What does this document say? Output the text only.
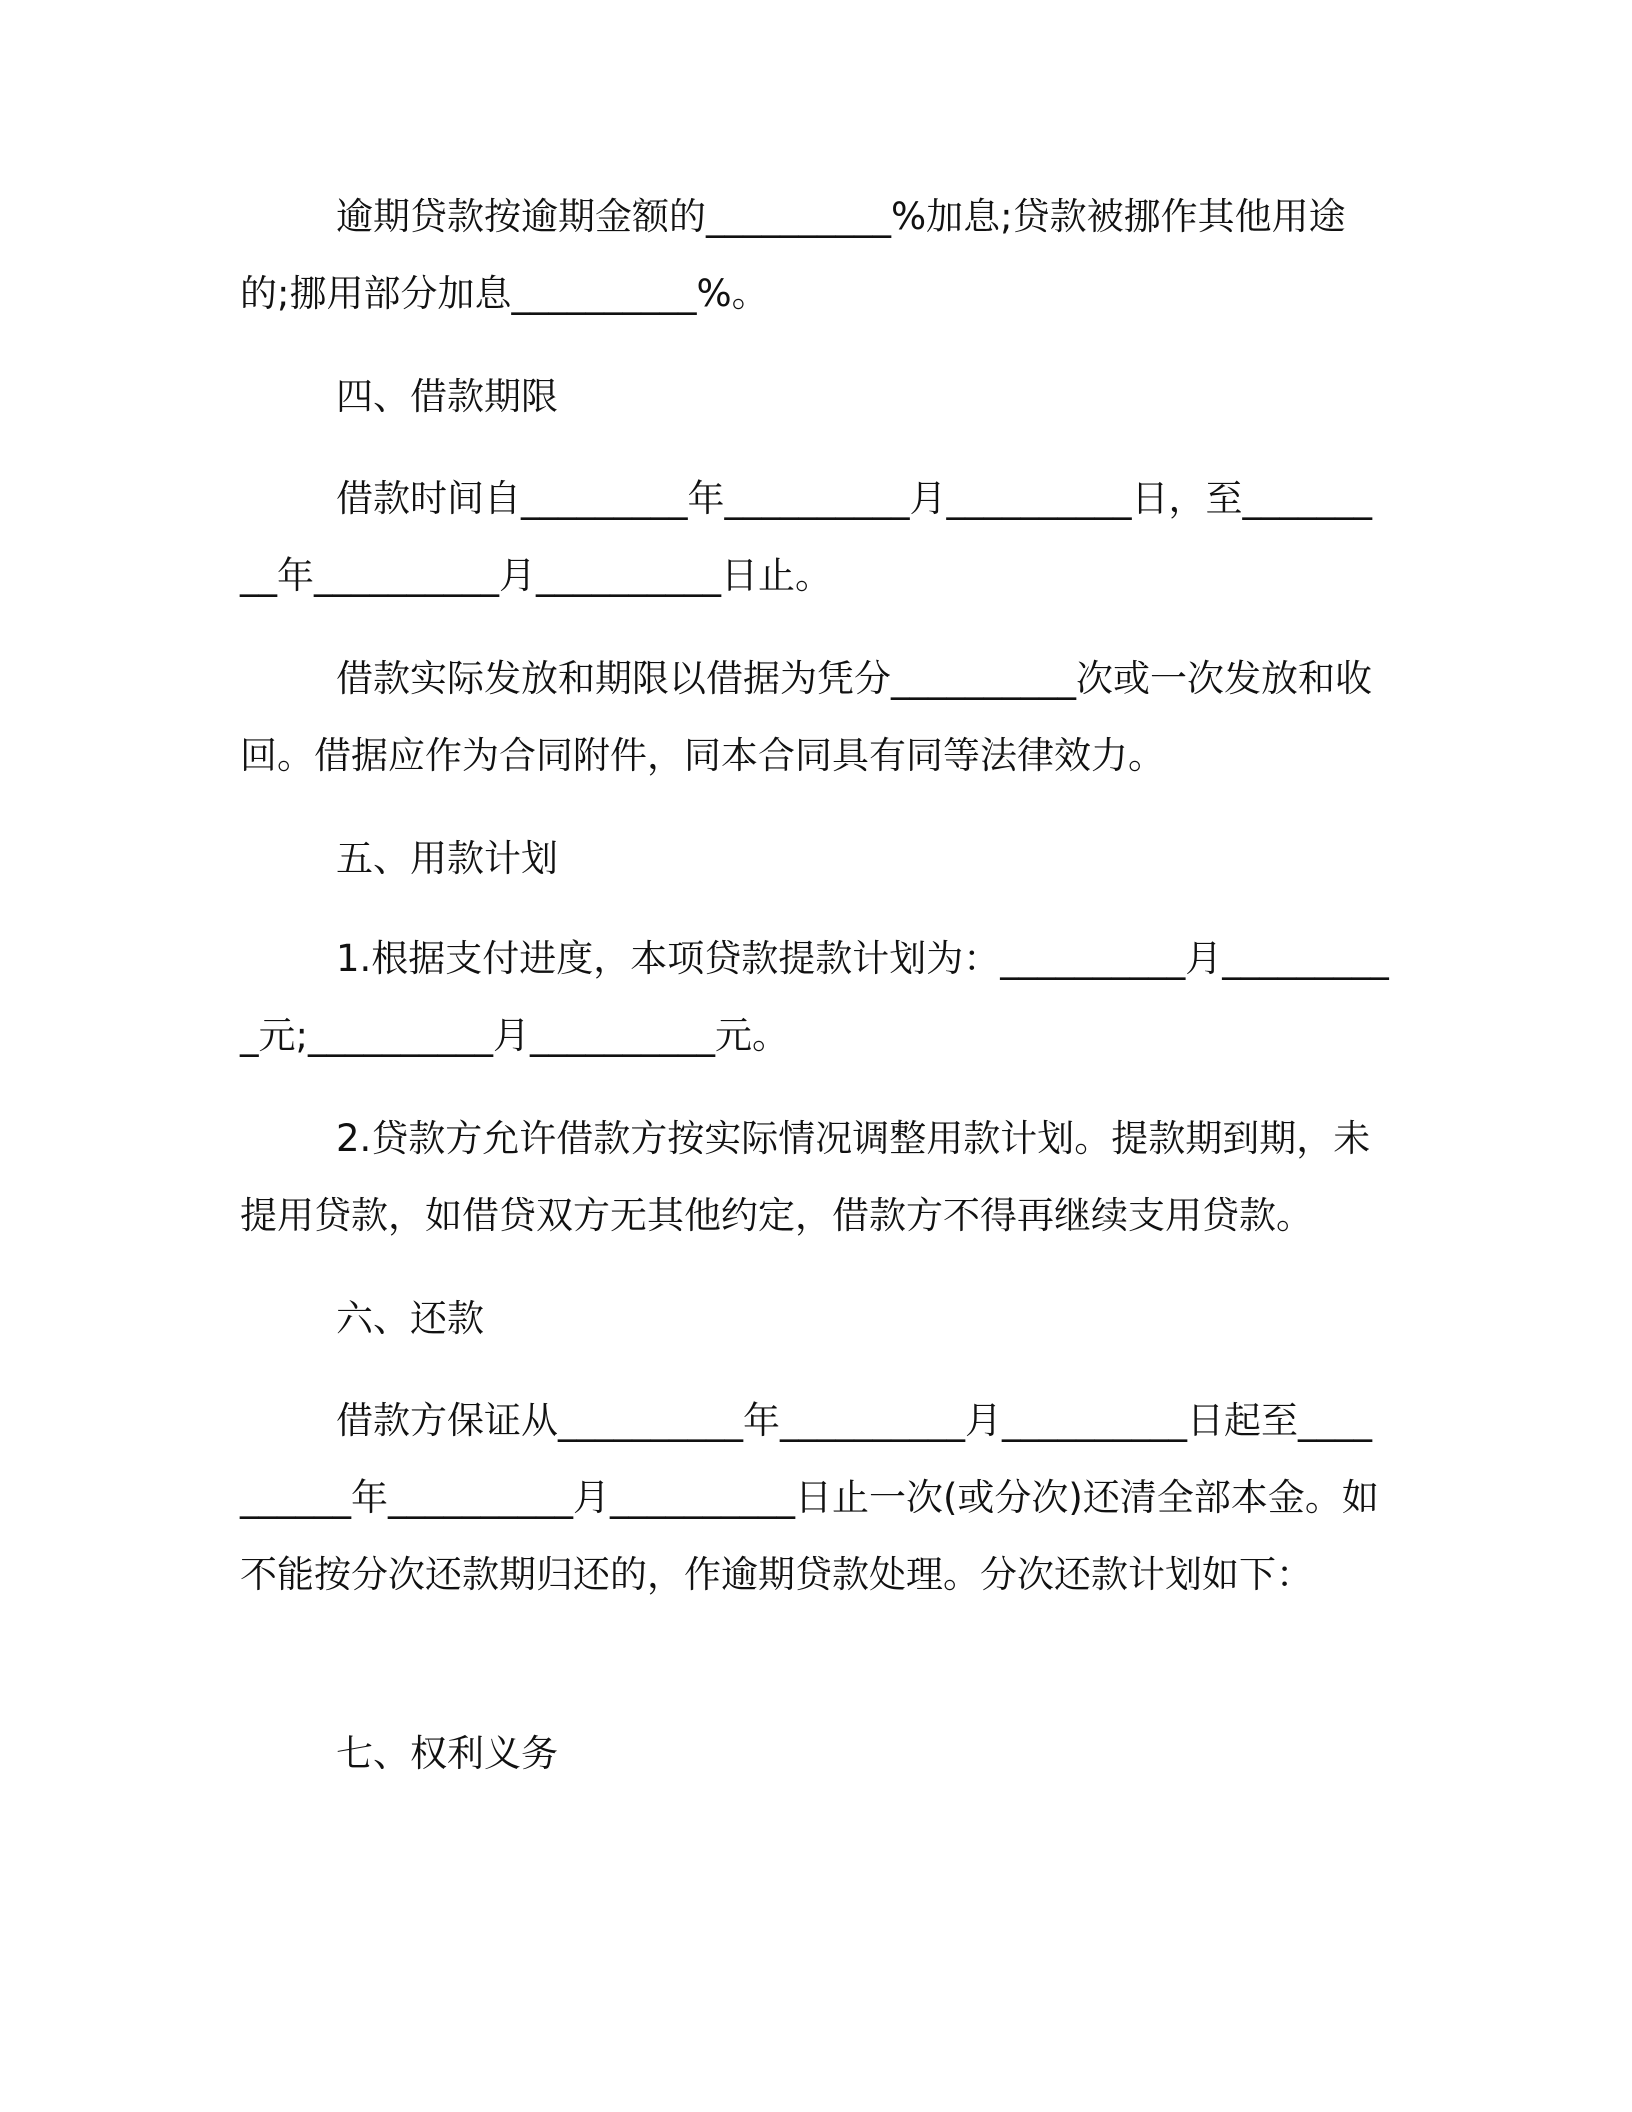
逾期贷款按逾期金额的__________%加息;贷款被挪作其他用途的;挪用部分加息__________%。

四、借款期限

借款时间自_________年__________月__________日，至_________年__________月__________日止。

借款实际发放和期限以借据为凭分__________次或一次发放和收回。借据应作为合同附件，同本合同具有同等法律效力。

五、用款计划

1.根据支付进度，本项贷款提款计划为：__________月__________元;__________月__________元。

2.贷款方允许借款方按实际情况调整用款计划。提款期到期，未提用贷款，如借贷双方无其他约定，借款方不得再继续支用贷款。

六、还款

借款方保证从__________年__________月__________日起至__________年__________月__________日止一次(或分次)还清全部本金。如不能按分次还款期归还的，作逾期贷款处理。分次还款计划如下：

七、权利义务
